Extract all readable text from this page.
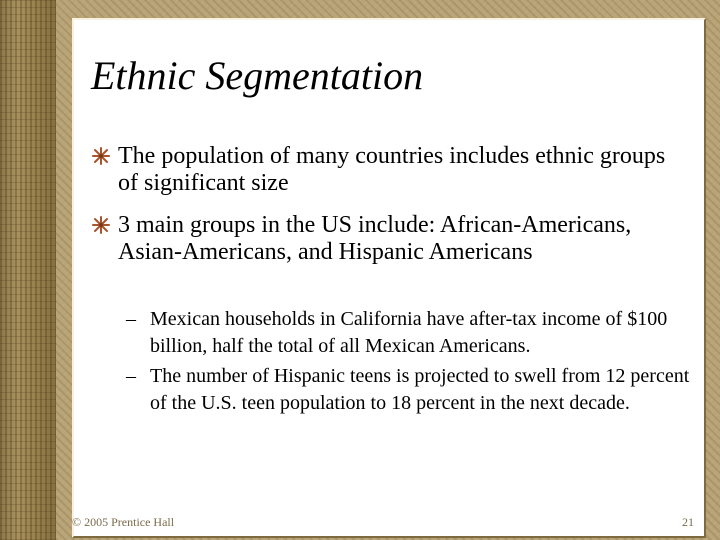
Ethnic Segmentation
The population of many countries includes ethnic groups of significant size
3 main groups in the US include: African-Americans, Asian-Americans, and Hispanic Americans
– Mexican households in California have after-tax income of $100 billion, half the total of all Mexican Americans.
– The number of Hispanic teens is projected to swell from 12 percent of the U.S. teen population to 18 percent in the next decade.
© 2005 Prentice Hall	21
